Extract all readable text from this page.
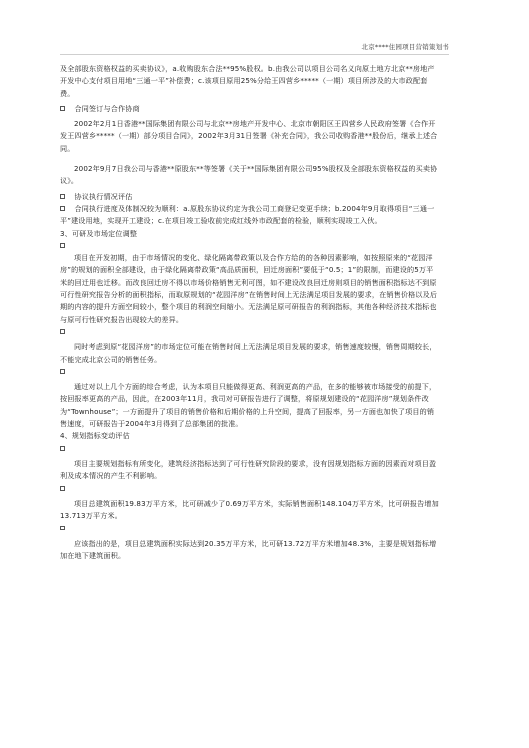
北京****住园项目营销策划书

及全部股东资格权益的买卖协议》，a.收购股东合法**95%股权。b.由我公司以项目公司名义向原土地方北京**房地产开发中心支付项目用地“三通一平”补偿费；c.该项目原用25%分给王四营乡*****（一期）项目所涉及的大市政配套费。

合同签订与合作协商

2002年2月1日香港**国际集团有限公司与北京**房地产开发中心、北京市朝阳区王四营乡人民政府签署《合作开发王四营乡*****（一期）部分项目合同》，2002年3月31日签署《补充合同》，我公司收购香港**股份后，继承上述合同。

2002年9月7日我公司与香港**原股东**等签署《关于**国际集团有限公司95%股权及全部股东资格权益的买卖协议》。

协议执行情况评估

合同执行进度及体制况较为顺利：a.原股东协议约定为我公司工商登记变更手续；b.2004年9月取得项目“三通一平”建设用地，实现开工建设；c.在项目竣工验收前完成红线外市政配套的检验，顺利实现竣工入伙。

3、可研及市场定位调整

项目在开发初期，由于市场情况的变化、绿化隔离带政策以及合作方给的的各种因素影响，如按照原来的“花园洋房”的规划的面积全部建设，由于绿化隔离带政策“高品质面积，回迁房面积”要低于“0.5；1”的限制，而建设的5万平米的回迁用也迁移。而改良回迁房不得以市场价格销售无利可图，如不建设改良回迁房则项目的销售面积指标达不到原可行性研究报告分析的面积指标，而取原规划的“花园洋房”在销售时间上无法满足项目发展的要求，在销售价格以及后期的内容的提升方面空间较小，整个项目的利润空间缩小。无法满足原可研报告的利润指标，其他各种经济技术指标也与原可行性研究报告出现较大的差异。

同时考虑到原“花园洋房”的市场定位可能在销售时间上无法满足项目发展的要求，销售速度较慢，销售周期较长，不能完成北京公司的销售任务。

通过对以上几个方面的综合考虑，认为本项目只能做得更高、利润更高的产品，在多的能够被市场接受的前提下，按回报率更高的产品，因此，在2003年11月，我司对可研报告进行了调整，将原规划建设的“花园洋房”规划条件改为“Townhouse”；一方面提升了项目的销售价格和后期价格的上升空间，提高了回报率，另一方面也加快了项目的销售速度，可研报告于2004年3月得到了总部集团的批准。

4、规划指标变动评估

项目主要规划指标有所变化，建筑经济指标达到了可行性研究阶段的要求，没有因规划指标方面的因素而对项目盈利及成本情况的产生不利影响。

项目总建筑面积19.83万平方米，比可研减少了0.69万平方米，实际销售面积148.104万平方米，比可研报告增加13.713万平方米。

应该指出的是，项目总建筑面积实际达到20.35万平方米，比可研13.72万平方米增加48.3%，主要是规划指标增加在地下建筑面积。
